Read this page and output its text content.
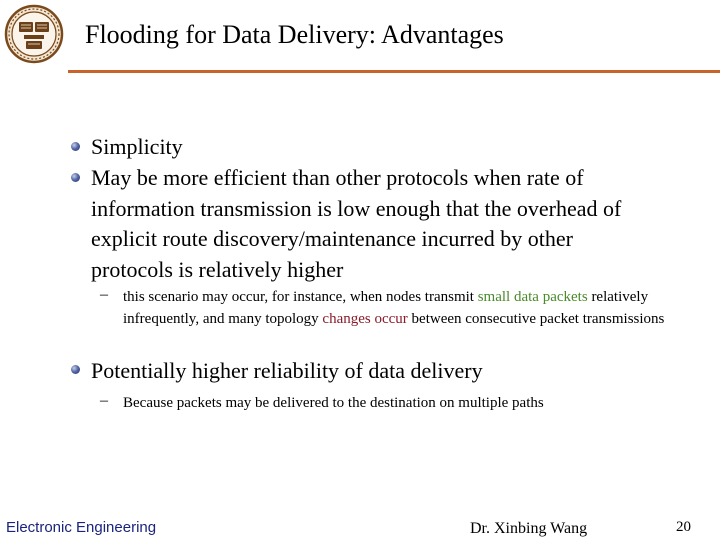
Flooding for Data Delivery: Advantages
Simplicity
May be more efficient than other protocols when rate of information transmission is low enough that the overhead of explicit route discovery/maintenance incurred by other protocols is relatively higher
– this scenario may occur, for instance, when nodes transmit small data packets relatively infrequently, and many topology changes occur between consecutive packet transmissions
Potentially higher reliability of data delivery
– Because packets may be delivered to the destination on multiple paths
Electronic Engineering	Dr. Xinbing Wang	20
